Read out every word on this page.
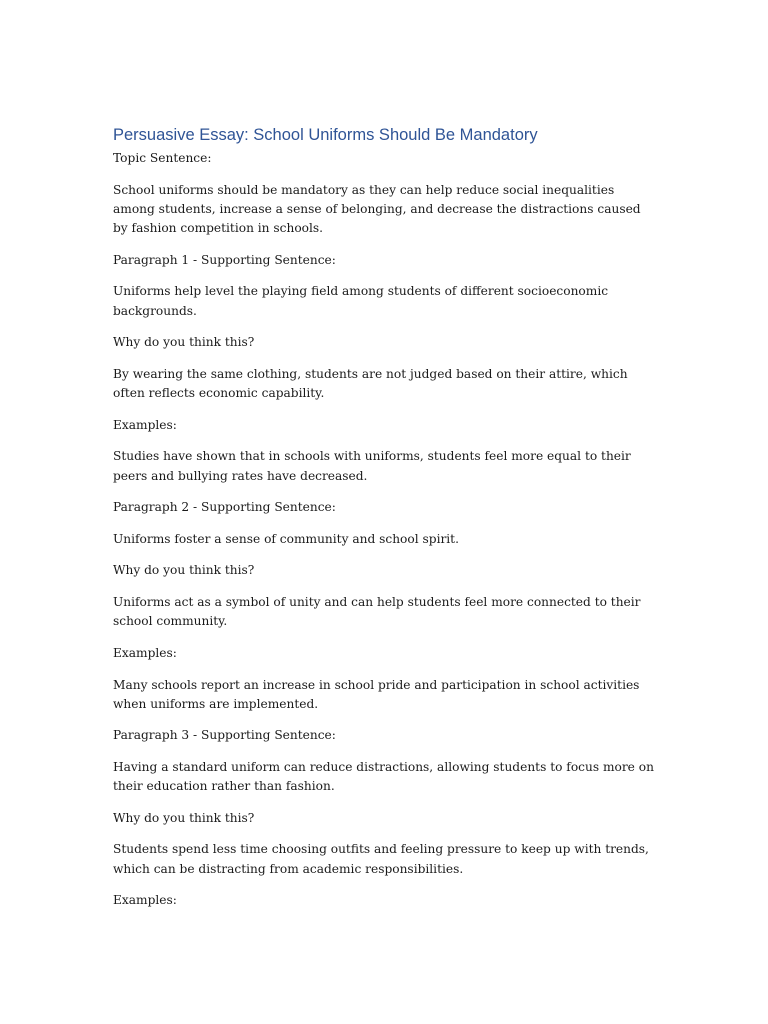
Persuasive Essay: School Uniforms Should Be Mandatory

Topic Sentence:

School uniforms should be mandatory as they can help reduce social inequalities among students, increase a sense of belonging, and decrease the distractions caused by fashion competition in schools.

Paragraph 1 - Supporting Sentence:

Uniforms help level the playing field among students of different socioeconomic backgrounds.

Why do you think this?

By wearing the same clothing, students are not judged based on their attire, which often reflects economic capability.

Examples:

Studies have shown that in schools with uniforms, students feel more equal to their peers and bullying rates have decreased.

Paragraph 2 - Supporting Sentence:

Uniforms foster a sense of community and school spirit.

Why do you think this?

Uniforms act as a symbol of unity and can help students feel more connected to their school community.

Examples:

Many schools report an increase in school pride and participation in school activities when uniforms are implemented.

Paragraph 3 - Supporting Sentence:

Having a standard uniform can reduce distractions, allowing students to focus more on their education rather than fashion.

Why do you think this?

Students spend less time choosing outfits and feeling pressure to keep up with trends, which can be distracting from academic responsibilities.

Examples:
